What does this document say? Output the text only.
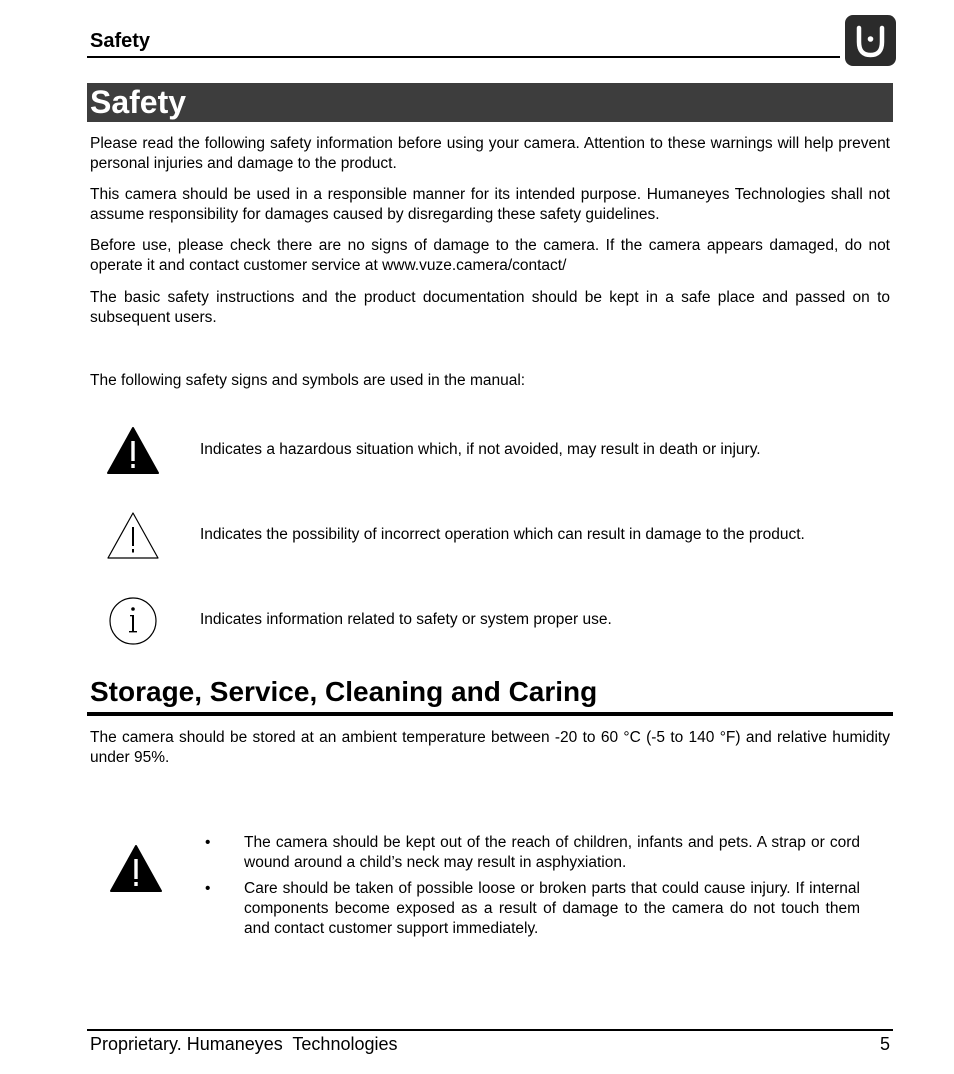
Safety
Safety
Please read the following safety information before using your camera. Attention to these warnings will help prevent personal injuries and damage to the product.
This camera should be used in a responsible manner for its intended purpose. Humaneyes Technologies shall not assume responsibility for damages caused by disregarding these safety guidelines.
Before use, please check there are no signs of damage to the camera. If the camera appears damaged, do not operate it and contact customer service at www.vuze.camera/contact/
The basic safety instructions and the product documentation should be kept in a safe place and passed on to subsequent users.
The following safety signs and symbols are used in the manual:
Indicates a hazardous situation which, if not avoided, may result in death or injury.
Indicates the possibility of incorrect operation which can result in damage to the product.
Indicates information related to safety or system proper use.
Storage, Service, Cleaning and Caring
The camera should be stored at an ambient temperature between -20 to 60 °C (-5 to 140 °F) and relative humidity under 95%.
• The camera should be kept out of the reach of children, infants and pets. A strap or cord wound around a child’s neck may result in asphyxiation.
• Care should be taken of possible loose or broken parts that could cause injury. If internal components become exposed as a result of damage to the camera do not touch them and contact customer support immediately.
Proprietary. Humaneyes  Technologies	5
